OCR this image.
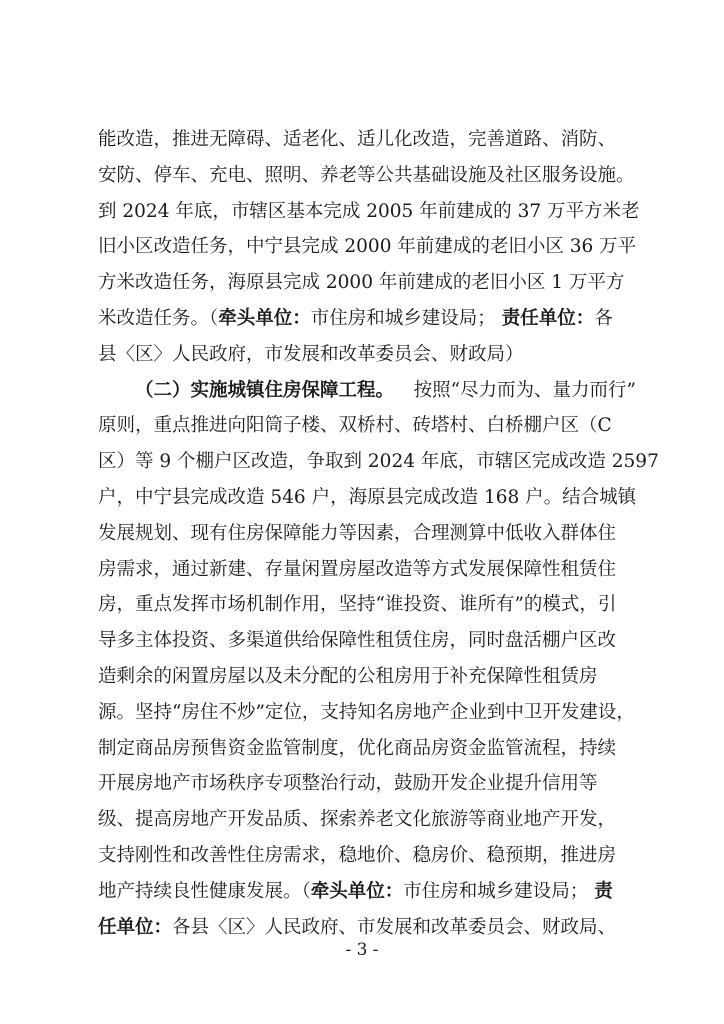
能改造，推进无障碍、适老化、适儿化改造，完善道路、消防、
安防、停车、充电、照明、养老等公共基础设施及社区服务设施。
到 2024 年底，市辖区基本完成 2005 年前建成的 37 万平方米老
旧小区改造任务，中宁县完成 2000 年前建成的老旧小区 36 万平
方米改造任务，海原县完成 2000 年前建成的老旧小区 1 万平方
米改造任务。（ 牵头单位： 市住房和城乡建设局；
责任单位： 各
县〈区〉人民政府，市发展和改革委员会、财政局）
（二）实施城镇住房保障工程。 按照“尽力而为、量力而行”
原则，重点推进向阳筒子楼、双桥村、砖塔村、白桥棚户区（C
区）等 9 个棚户区改造，争取到 2024 年底，市辖区完成改造 2597
户，中宁县完成改造 546 户，海原县完成改造 168 户。结合城镇
发展规划、现有住房保障能力等因素，合理测算中低收入群体住
房需求，通过新建、存量闲置房屋改造等方式发展保障性租赁住
房，重点发挥市场机制作用，坚持“谁投资、谁所有”的模式，引
导多主体投资、多渠道供给保障性租赁住房，同时盘活棚户区改
造剩余的闲置房屋以及未分配的公租房用于补充保障性租赁房
源。坚持“房住不炒”定位，支持知名房地产企业到中卫开发建设，
制定商品房预售资金监管制度，优化商品房资金监管流程，持续
开展房地产市场秩序专项整治行动，鼓励开发企业提升信用等
级、提高房地产开发品质、探索养老文化旅游等商业地产开发，
支持刚性和改善性住房需求，稳地价、稳房价、稳预期，推进房
地产持续良性健康发展。（ 牵头单位： 市住房和城乡建设局；
责
任单位： 各县〈区〉人民政府、市发展和改革委员会、财政局、
- 3 -
